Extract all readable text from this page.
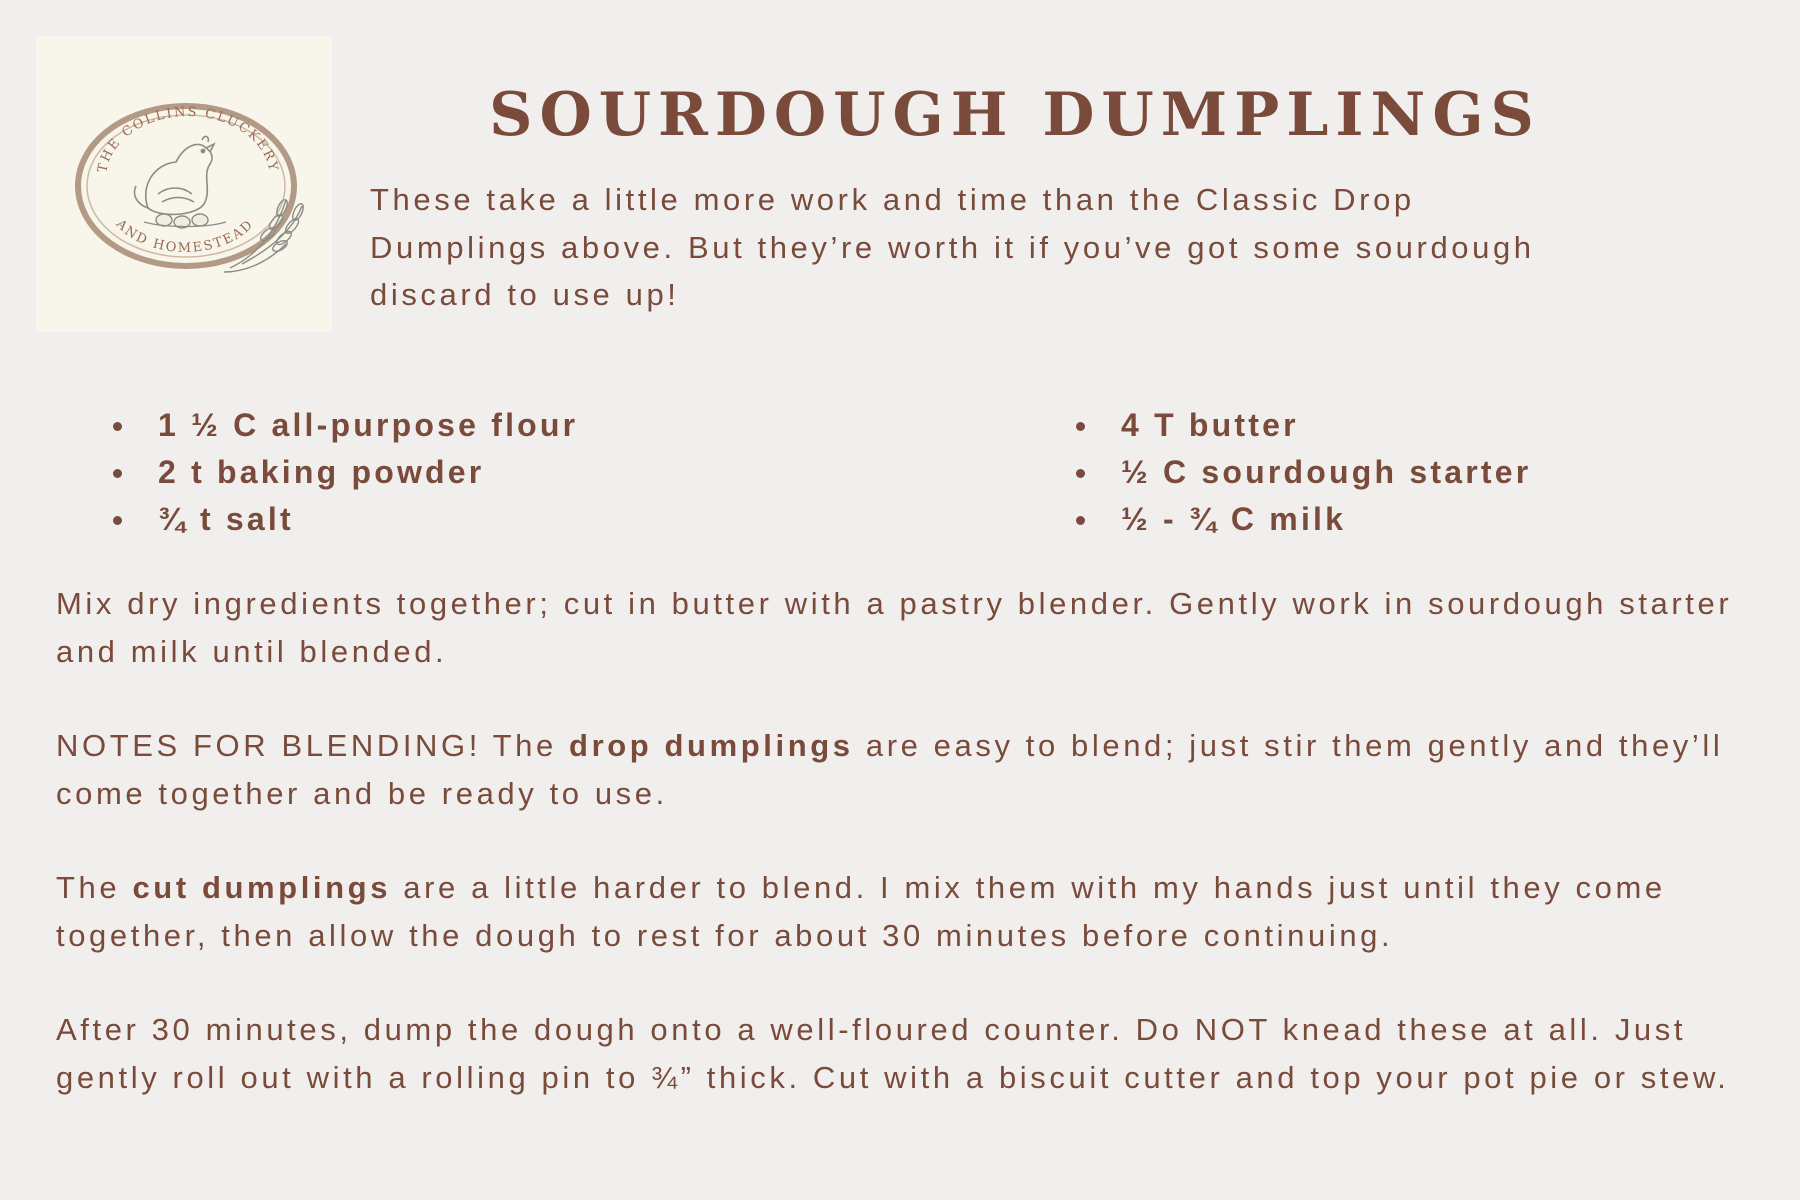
THE COLLINS CLUCKERY
AND HOMESTEAD
SOURDOUGH DUMPLINGS

These take a little more work and time than the Classic Drop Dumplings above. But they’re worth it if you’ve got some sourdough discard to use up!

1 ½ C all-purpose flour
2 t baking powder
¾ t salt
4 T butter
½ C sourdough starter
½ - ¾ C milk

Mix dry ingredients together; cut in butter with a pastry blender. Gently work in sourdough starter and milk until blended.

NOTES FOR BLENDING! The drop dumplings are easy to blend; just stir them gently and they’ll come together and be ready to use.

The cut dumplings are a little harder to blend. I mix them with my hands just until they come together, then allow the dough to rest for about 30 minutes before continuing.

After 30 minutes, dump the dough onto a well-floured counter. Do NOT knead these at all. Just gently roll out with a rolling pin to ¾” thick. Cut with a biscuit cutter and top your pot pie or stew.
